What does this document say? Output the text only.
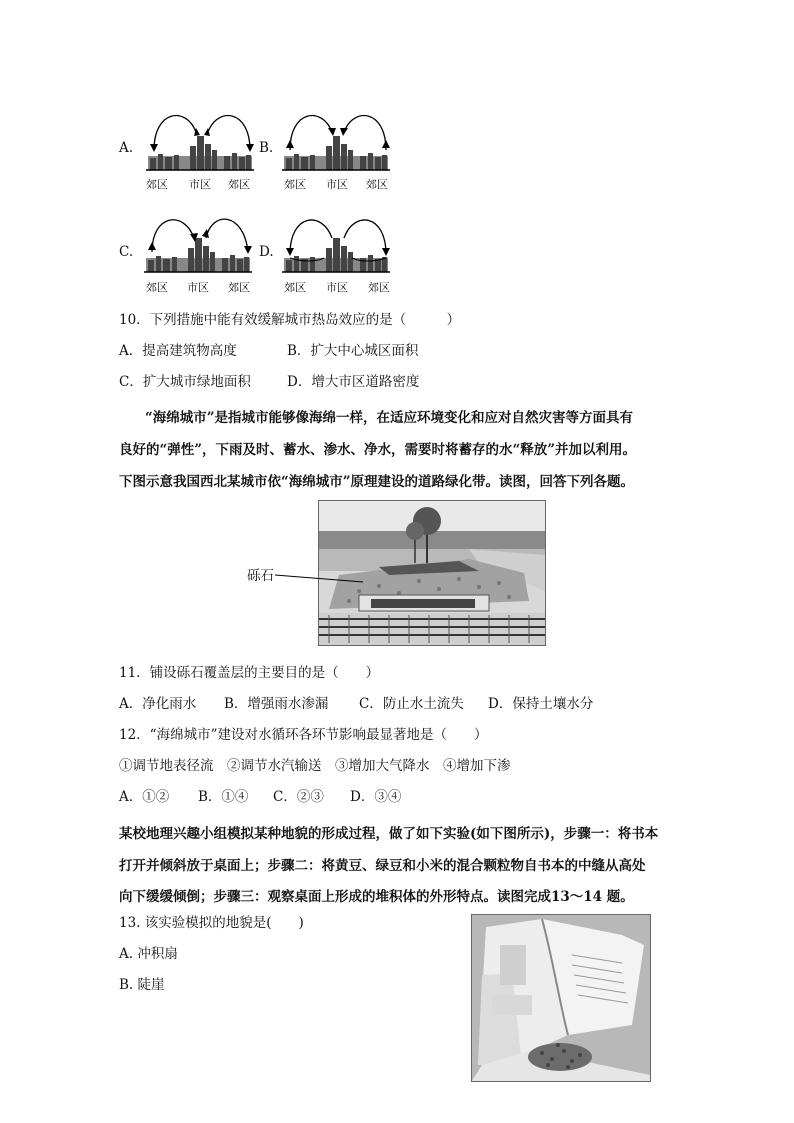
A.
郊区 市区 郊区
B.
郊区 市区 郊区
C.
郊区 市区 郊区
D.
郊区 市区 郊区
10．下列措施中能有效缓解城市热岛效应的是（　　　）
A．提高建筑物高度	B．扩大中心城区面积
C．扩大城市绿地面积	D．增大市区道路密度
“海绵城市”是指城市能够像海绵一样，在适应环境变化和应对自然灾害等方面具有
良好的“弹性”，下雨及时、蓄水、渗水、净水，需要时将蓄存的水“释放”并加以利用。
下图示意我国西北某城市依“海绵城市”原理建设的道路绿化带。读图，回答下列各题。
砾石
11．铺设砾石覆盖层的主要目的是（　　）
A．净化雨水 B．增强雨水渗漏 C．防止水土流失 D．保持土壤水分
12．“海绵城市”建设对水循环各环节影响最显著地是（　　）
①调节地表径流　②调节水汽输送　③增加大气降水　④增加下渗
A．①② B．①④ C．②③ D．③④
某校地理兴趣小组模拟某种地貌的形成过程，做了如下实验(如下图所示)，步骤一：将书本
打开并倾斜放于桌面上；步骤二：将黄豆、绿豆和小米的混合颗粒物自书本的中缝从高处
向下缓缓倾倒；步骤三：观察桌面上形成的堆积体的外形特点。读图完成13～14 题。
13. 该实验模拟的地貌是(　　)
A. 冲积扇
B. 陡崖
